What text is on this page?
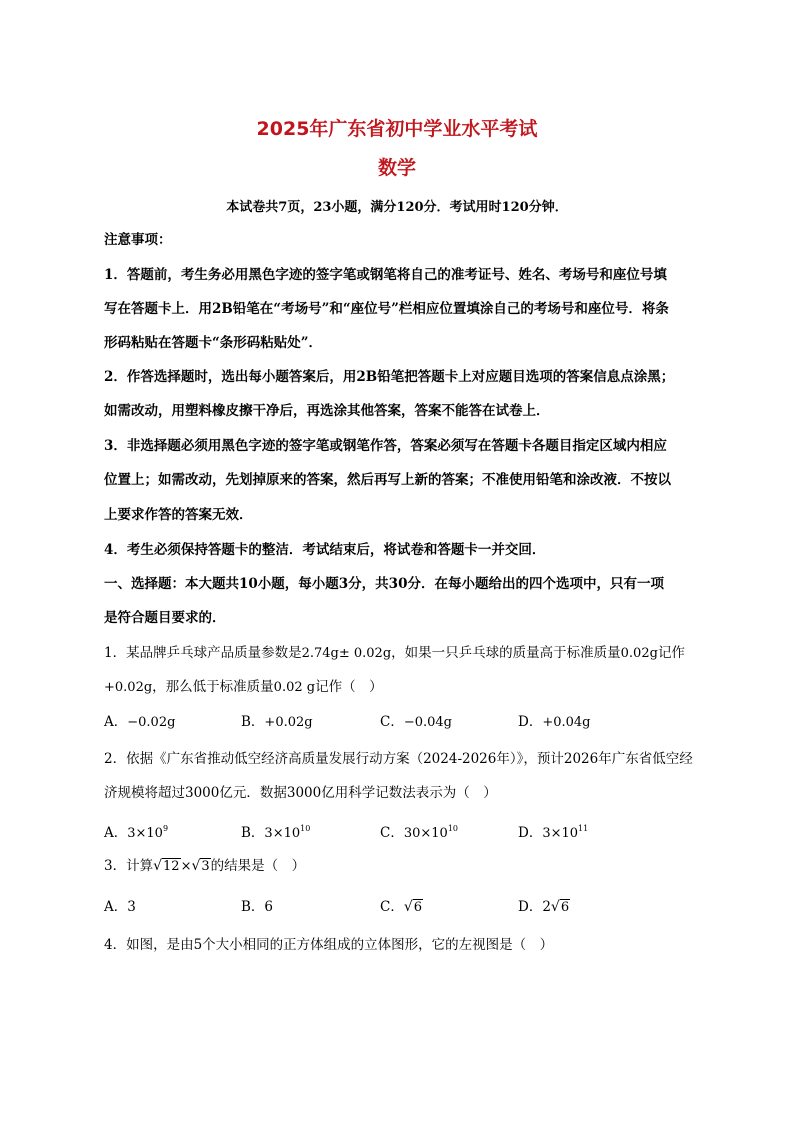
2025年广东省初中学业水平考试
数学
本试卷共7页，23小题，满分120分．考试用时120分钟．
注意事项：
1．答题前，考生务必用黑色字迹的签字笔或钢笔将自己的准考证号、姓名、考场号和座位号填
写在答题卡上．用2B铅笔在“考场号”和“座位号”栏相应位置填涂自己的考场号和座位号．将条
形码粘贴在答题卡“条形码粘贴处”．
2．作答选择题时，选出每小题答案后，用2B铅笔把答题卡上对应题目选项的答案信息点涂黑；
如需改动，用塑料橡皮擦干净后，再选涂其他答案，答案不能答在试卷上．
3．非选择题必须用黑色字迹的签字笔或钢笔作答，答案必须写在答题卡各题目指定区域内相应
位置上；如需改动，先划掉原来的答案，然后再写上新的答案；不准使用铅笔和涂改液．不按以
上要求作答的答案无效．
4．考生必须保持答题卡的整洁．考试结束后，将试卷和答题卡一并交回．
一、选择题：本大题共10小题，每小题3分，共30分．在每小题给出的四个选项中，只有一项
是符合题目要求的．
1．某品牌乒乓球产品质量参数是2.74g± 0.02g，如果一只乒乓球的质量高于标准质量0.02g记作
+0.02g，那么低于标准质量0.02 g记作（　）
A．−0.02g	B．+0.02g	C．−0.04g	D．+0.04g
2．依据《广东省推动低空经济高质量发展行动方案（2024-2026年）》，预计2026年广东省低空经
济规模将超过3000亿元．数据3000亿用科学记数法表示为（　）
A．$3\times 10^9$	B．$3\times 10^{10}$	C．$30\times 10^{10}$	D．$3\times 10^{11}$
3．计算√12×√3的结果是（　）
A．3	B．6	C．√6	D．2√6
4．如图，是由5个大小相同的正方体组成的立体图形，它的左视图是（　）
